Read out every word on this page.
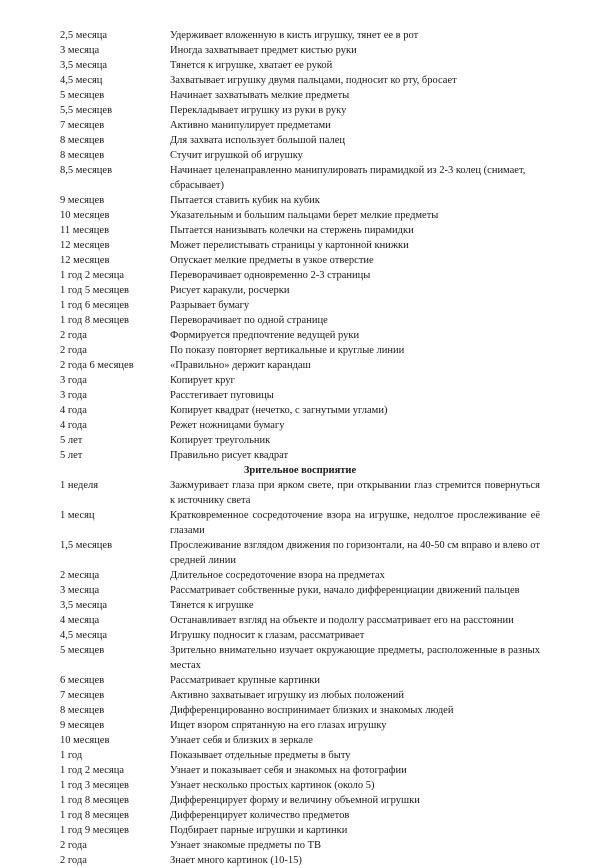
2,5 месяца	Удерживает вложенную в кисть игрушку, тянет ее в рот
3 месяца	Иногда захватывает предмет кистью руки
3,5 месяца	Тянется к игрушке, хватает ее рукой
4,5 месяц	Захватывает игрушку двумя пальцами, подносит ко рту, бросает
5 месяцев	Начинает захватывать мелкие предметы
5,5 месяцев	Перекладывает игрушку из руки в руку
7 месяцев	Активно манипулирует предметами
8 месяцев	Для захвата использует большой палец
8 месяцев	Стучит игрушкой об игрушку
8,5 месяцев	Начинает целенаправленно манипулировать пирамидкой из 2-3 колец (снимает, сбрасывает)
9 месяцев	Пытается ставить кубик на кубик
10 месяцев	Указательным и большим пальцами берет мелкие предметы
11 месяцев	Пытается нанизывать колечки на стержень пирамидки
12 месяцев	Может перелистывать страницы у картонной книжки
12 месяцев	Опускает мелкие предметы в узкое отверстие
1 год 2 месяца	Переворачивает одновременно 2-3 страницы
1 год 5 месяцев	Рисует каракули, росчерки
1 год 6 месяцев	Разрывает бумагу
1 год 8 месяцев	Переворачивает по одной странице
2 года	Формируется предпочтение ведущей руки
2 года	По показу повторяет вертикальные и круглые линии
2 года 6 месяцев	«Правильно» держит карандаш
3 года	Копирует круг
3 года	Расстегивает пуговицы
4 года	Копирует квадрат (нечетко, с загнутыми углами)
4 года	Режет ножницами бумагу
5 лет	Копирует треугольник
5 лет	Правильно рисует квадрат
Зрительное восприятие
1 неделя	Зажмуривает глаза при ярком свете, при открывании глаз стремится повернуться к источнику света
1 месяц	Кратковременное сосредоточение взора на игрушке, недолгое прослеживание её глазами
1,5 месяцев	Прослеживание взглядом движения по горизонтали, на 40-50 см вправо и влево от средней линии
2 месяца	Длительное сосредоточение взора на предметах
3 месяца	Рассматривает собственные руки, начало дифференциации движений пальцев
3,5 месяца	Тянется к игрушке
4 месяца	Останавливает взгляд на объекте и подолгу рассматривает его на расстоянии
4,5 месяца	Игрушку подносит к глазам, рассматривает
5 месяцев	Зрительно внимательно изучает окружающие предметы, расположенные в разных местах
6 месяцев	Рассматривает крупные картинки
7 месяцев	Активно захватывает игрушку из любых положений
8 месяцев	Дифференцированно воспринимает близких и знакомых людей
9 месяцев	Ищет взором спрятанную на его глазах игрушку
10 месяцев	Узнает себя и близких в зеркале
1 год	Показывает отдельные предметы в быту
1 год 2 месяца	Узнает и показывает себя и знакомых на фотографии
1 год 3 месяцев	Узнает несколько простых картинок (около 5)
1 год 8 месяцев	Дифференцирует форму и величину объемной игрушки
1 год 8 месяцев	Дифференцирует количество предметов
1 год 9 месяцев	Подбирает парные игрушки и картинки
2 года	Узнает знакомые предметы по ТВ
2 года	Знает много картинок (10-15)
